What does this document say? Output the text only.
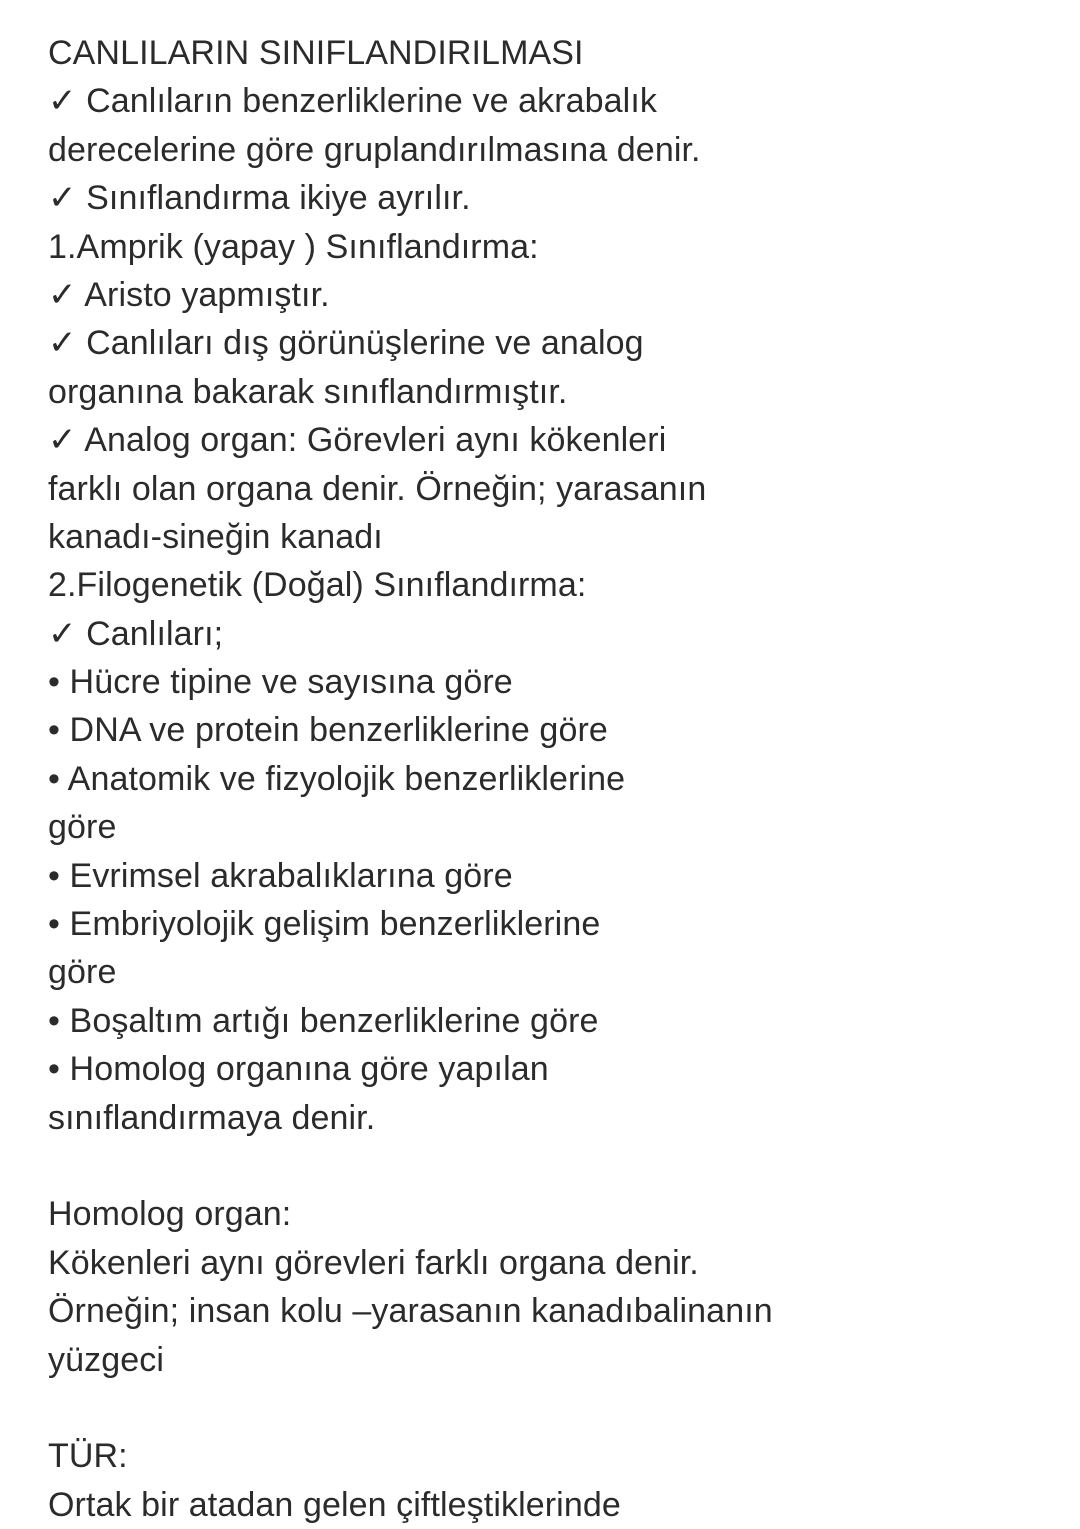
CANLILARIN SINIFLANDIRILMASI
✓ Canlıların benzerliklerine ve akrabalık
derecelerine göre gruplandırılmasına denir.
✓ Sınıflandırma ikiye ayrılır.
1.Amprik (yapay ) Sınıflandırma:
✓ Aristo yapmıştır.
✓ Canlıları dış görünüşlerine ve analog
organına bakarak sınıflandırmıştır.
✓ Analog organ: Görevleri aynı kökenleri
farklı olan organa denir. Örneğin; yarasanın
kanadı-sineğin kanadı
2.Filogenetik (Doğal) Sınıflandırma:
✓ Canlıları;
• Hücre tipine ve sayısına göre
• DNA ve protein benzerliklerine göre
• Anatomik ve fizyolojik benzerliklerine
göre
• Evrimsel akrabalıklarına göre
• Embriyolojik gelişim benzerliklerine
göre
• Boşaltım artığı benzerliklerine göre
• Homolog organına göre yapılan
sınıflandırmaya denir.
Homolog organ:
Kökenleri aynı görevleri farklı organa denir.
Örneğin; insan kolu –yarasanın kanadıbalinanın
yüzgeci
TÜR:
Ortak bir atadan gelen çiftleştiklerinde
